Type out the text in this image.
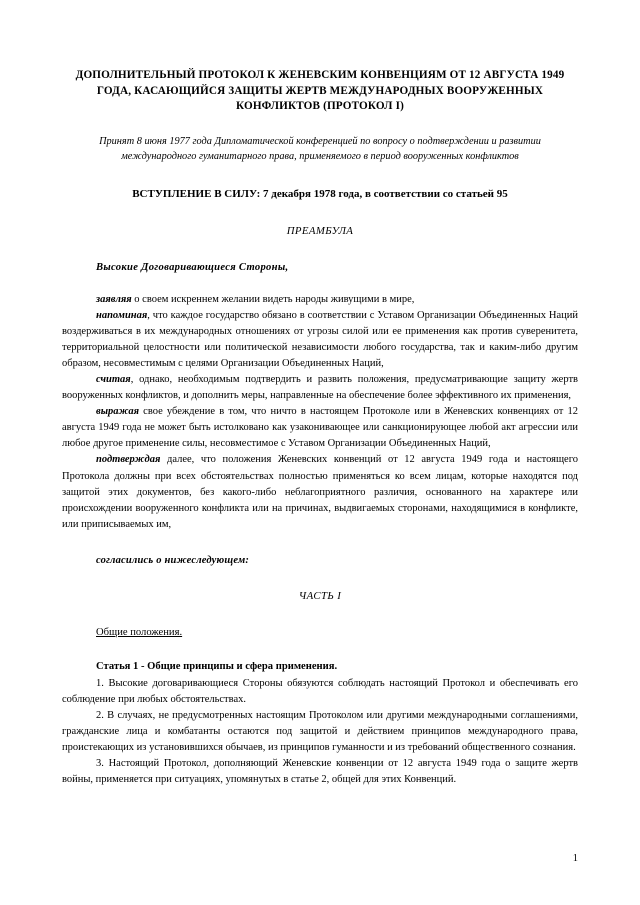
ДОПОЛНИТЕЛЬНЫЙ ПРОТОКОЛ К ЖЕНЕВСКИМ КОНВЕНЦИЯМ ОТ 12 АВГУСТА 1949 ГОДА, КАСАЮЩИЙСЯ ЗАЩИТЫ ЖЕРТВ МЕЖДУНАРОДНЫХ ВООРУЖЕННЫХ КОНФЛИКТОВ (ПРОТОКОЛ I)

Принят 8 июня 1977 года Дипломатической конференцией по вопросу о подтверждении и развитии международного гуманитарного права, применяемого в период вооруженных конфликтов

ВСТУПЛЕНИЕ В СИЛУ: 7 декабря 1978 года, в соответствии со статьей 95

ПРЕАМБУЛА

Высокие Договаривающиеся Стороны,

заявляя о своем искреннем желании видеть народы живущими в мире,

напоминая, что каждое государство обязано в соответствии с Уставом Организации Объединенных Наций воздерживаться в их международных отношениях от угрозы силой или ее применения как против суверенитета, территориальной целостности или политической независимости любого государства, так и каким-либо другим образом, несовместимым с целями Организации Объединенных Наций,

считая, однако, необходимым подтвердить и развить положения, предусматривающие защиту жертв вооруженных конфликтов, и дополнить меры, направленные на обеспечение более эффективного их применения,

выражая свое убеждение в том, что ничто в настоящем Протоколе или в Женевских конвенциях от 12 августа 1949 года не может быть истолковано как узаконивающее или санкционирующее любой акт агрессии или любое другое применение силы, несовместимое с Уставом Организации Объединенных Наций,

подтверждая далее, что положения Женевских конвенций от 12 августа 1949 года и настоящего Протокола должны при всех обстоятельствах полностью применяться ко всем лицам, которые находятся под защитой этих документов, без какого-либо неблагоприятного различия, основанного на характере или происхождении вооруженного конфликта или на причинах, выдвигаемых сторонами, находящимися в конфликте, или приписываемых им,

согласились о нижеследующем:

ЧАСТЬ I

Общие положения.

Статья 1 - Общие принципы и сфера применения.

1. Высокие договаривающиеся Стороны обязуются соблюдать настоящий Протокол и обеспечивать его соблюдение при любых обстоятельствах.

2. В случаях, не предусмотренных настоящим Протоколом или другими международными соглашениями, гражданские лица и комбатанты остаются под защитой и действием принципов международного права, проистекающих из установившихся обычаев, из принципов гуманности и из требований общественного сознания.

3. Настоящий Протокол, дополняющий Женевские конвенции от 12 августа 1949 года о защите жертв войны, применяется при ситуациях, упомянутых в статье 2, общей для этих Конвенций.

1
